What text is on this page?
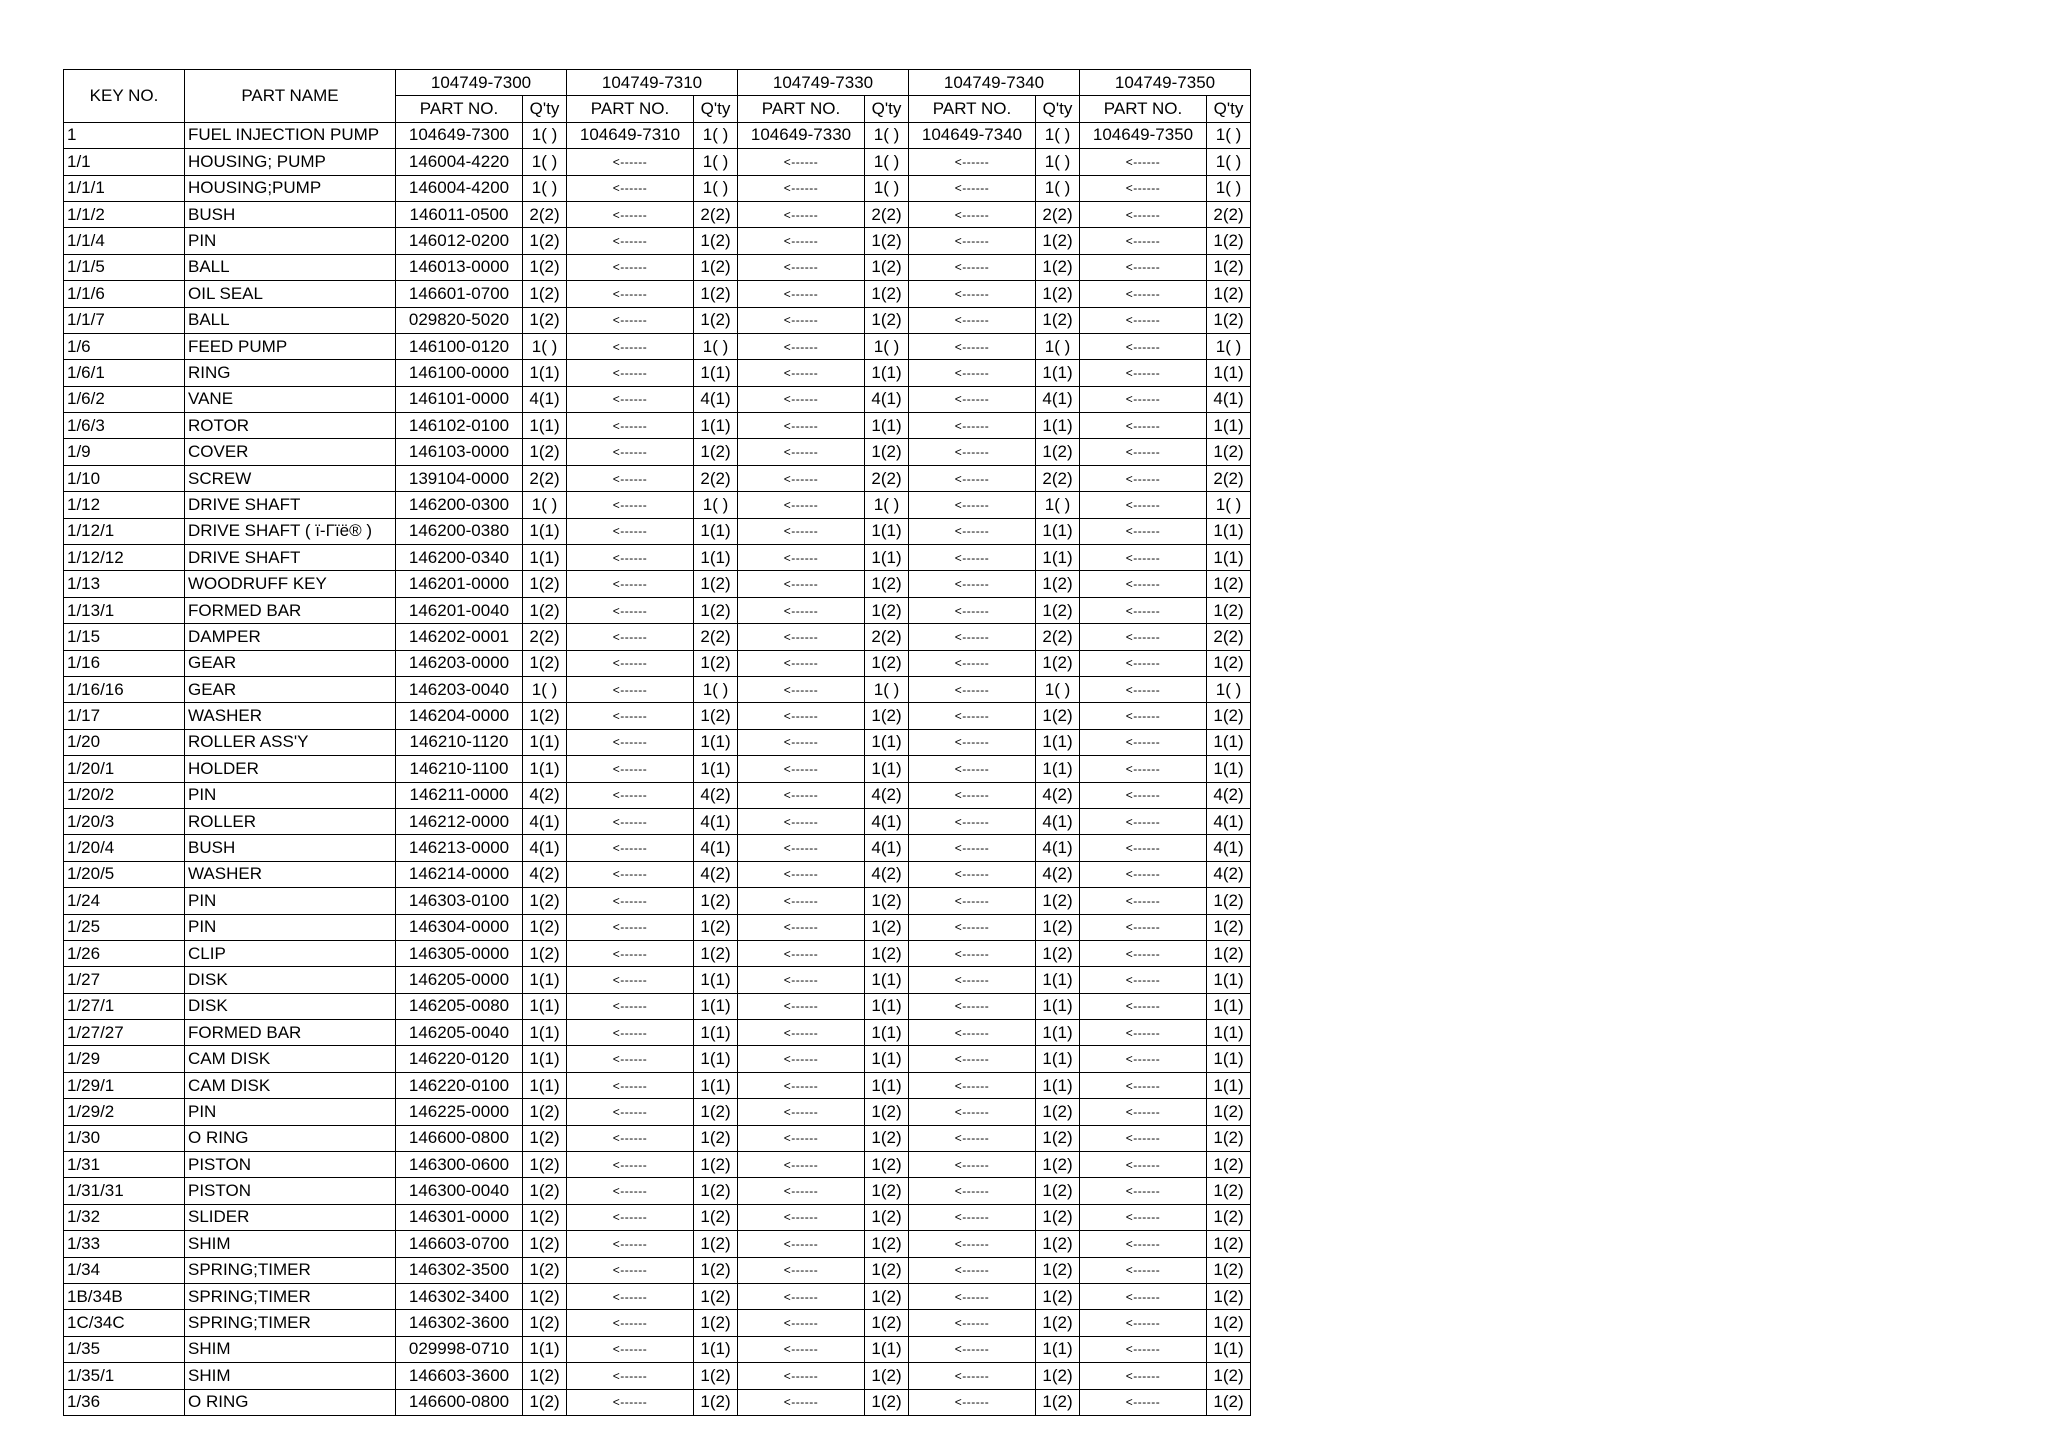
KEY NO.	PART NAME	104749-7300		104749-7310		104749-7330		104749-7340		104749-7350	
		PART NO.	Q'ty	PART NO.	Q'ty	PART NO.	Q'ty	PART NO.	Q'ty	PART NO.	Q'ty
1	FUEL INJECTION PUMP	104649-7300	1( )	104649-7310	1( )	104649-7330	1( )	104649-7340	1( )	104649-7350	1( )
1/1	HOUSING; PUMP	146004-4220	1( )	<------	1( )	<------	1( )	<------	1( )	<------	1( )
1/1/1	HOUSING;PUMP	146004-4200	1( )	<------	1( )	<------	1( )	<------	1( )	<------	1( )
1/1/2	BUSH	146011-0500	2(2)	<------	2(2)	<------	2(2)	<------	2(2)	<------	2(2)
1/1/4	PIN	146012-0200	1(2)	<------	1(2)	<------	1(2)	<------	1(2)	<------	1(2)
1/1/5	BALL	146013-0000	1(2)	<------	1(2)	<------	1(2)	<------	1(2)	<------	1(2)
1/1/6	OIL SEAL	146601-0700	1(2)	<------	1(2)	<------	1(2)	<------	1(2)	<------	1(2)
1/1/7	BALL	029820-5020	1(2)	<------	1(2)	<------	1(2)	<------	1(2)	<------	1(2)
1/6	FEED PUMP	146100-0120	1( )	<------	1( )	<------	1( )	<------	1( )	<------	1( )
1/6/1	RING	146100-0000	1(1)	<------	1(1)	<------	1(1)	<------	1(1)	<------	1(1)
1/6/2	VANE	146101-0000	4(1)	<------	4(1)	<------	4(1)	<------	4(1)	<------	4(1)
1/6/3	ROTOR	146102-0100	1(1)	<------	1(1)	<------	1(1)	<------	1(1)	<------	1(1)
1/9	COVER	146103-0000	1(2)	<------	1(2)	<------	1(2)	<------	1(2)	<------	1(2)
1/10	SCREW	139104-0000	2(2)	<------	2(2)	<------	2(2)	<------	2(2)	<------	2(2)
1/12	DRIVE SHAFT	146200-0300	1( )	<------	1( )	<------	1( )	<------	1( )	<------	1( )
1/12/1	DRIVE SHAFT ( ï-Γïë® )	146200-0380	1(1)	<------	1(1)	<------	1(1)	<------	1(1)	<------	1(1)
1/12/12	DRIVE SHAFT	146200-0340	1(1)	<------	1(1)	<------	1(1)	<------	1(1)	<------	1(1)
1/13	WOODRUFF KEY	146201-0000	1(2)	<------	1(2)	<------	1(2)	<------	1(2)	<------	1(2)
1/13/1	FORMED BAR	146201-0040	1(2)	<------	1(2)	<------	1(2)	<------	1(2)	<------	1(2)
1/15	DAMPER	146202-0001	2(2)	<------	2(2)	<------	2(2)	<------	2(2)	<------	2(2)
1/16	GEAR	146203-0000	1(2)	<------	1(2)	<------	1(2)	<------	1(2)	<------	1(2)
1/16/16	GEAR	146203-0040	1( )	<------	1( )	<------	1( )	<------	1( )	<------	1( )
1/17	WASHER	146204-0000	1(2)	<------	1(2)	<------	1(2)	<------	1(2)	<------	1(2)
1/20	ROLLER ASS'Y	146210-1120	1(1)	<------	1(1)	<------	1(1)	<------	1(1)	<------	1(1)
1/20/1	HOLDER	146210-1100	1(1)	<------	1(1)	<------	1(1)	<------	1(1)	<------	1(1)
1/20/2	PIN	146211-0000	4(2)	<------	4(2)	<------	4(2)	<------	4(2)	<------	4(2)
1/20/3	ROLLER	146212-0000	4(1)	<------	4(1)	<------	4(1)	<------	4(1)	<------	4(1)
1/20/4	BUSH	146213-0000	4(1)	<------	4(1)	<------	4(1)	<------	4(1)	<------	4(1)
1/20/5	WASHER	146214-0000	4(2)	<------	4(2)	<------	4(2)	<------	4(2)	<------	4(2)
1/24	PIN	146303-0100	1(2)	<------	1(2)	<------	1(2)	<------	1(2)	<------	1(2)
1/25	PIN	146304-0000	1(2)	<------	1(2)	<------	1(2)	<------	1(2)	<------	1(2)
1/26	CLIP	146305-0000	1(2)	<------	1(2)	<------	1(2)	<------	1(2)	<------	1(2)
1/27	DISK	146205-0000	1(1)	<------	1(1)	<------	1(1)	<------	1(1)	<------	1(1)
1/27/1	DISK	146205-0080	1(1)	<------	1(1)	<------	1(1)	<------	1(1)	<------	1(1)
1/27/27	FORMED BAR	146205-0040	1(1)	<------	1(1)	<------	1(1)	<------	1(1)	<------	1(1)
1/29	CAM DISK	146220-0120	1(1)	<------	1(1)	<------	1(1)	<------	1(1)	<------	1(1)
1/29/1	CAM DISK	146220-0100	1(1)	<------	1(1)	<------	1(1)	<------	1(1)	<------	1(1)
1/29/2	PIN	146225-0000	1(2)	<------	1(2)	<------	1(2)	<------	1(2)	<------	1(2)
1/30	O RING	146600-0800	1(2)	<------	1(2)	<------	1(2)	<------	1(2)	<------	1(2)
1/31	PISTON	146300-0600	1(2)	<------	1(2)	<------	1(2)	<------	1(2)	<------	1(2)
1/31/31	PISTON	146300-0040	1(2)	<------	1(2)	<------	1(2)	<------	1(2)	<------	1(2)
1/32	SLIDER	146301-0000	1(2)	<------	1(2)	<------	1(2)	<------	1(2)	<------	1(2)
1/33	SHIM	146603-0700	1(2)	<------	1(2)	<------	1(2)	<------	1(2)	<------	1(2)
1/34	SPRING;TIMER	146302-3500	1(2)	<------	1(2)	<------	1(2)	<------	1(2)	<------	1(2)
1B/34B	SPRING;TIMER	146302-3400	1(2)	<------	1(2)	<------	1(2)	<------	1(2)	<------	1(2)
1C/34C	SPRING;TIMER	146302-3600	1(2)	<------	1(2)	<------	1(2)	<------	1(2)	<------	1(2)
1/35	SHIM	029998-0710	1(1)	<------	1(1)	<------	1(1)	<------	1(1)	<------	1(1)
1/35/1	SHIM	146603-3600	1(2)	<------	1(2)	<------	1(2)	<------	1(2)	<------	1(2)
1/36	O RING	146600-0800	1(2)	<------	1(2)	<------	1(2)	<------	1(2)	<------	1(2)
